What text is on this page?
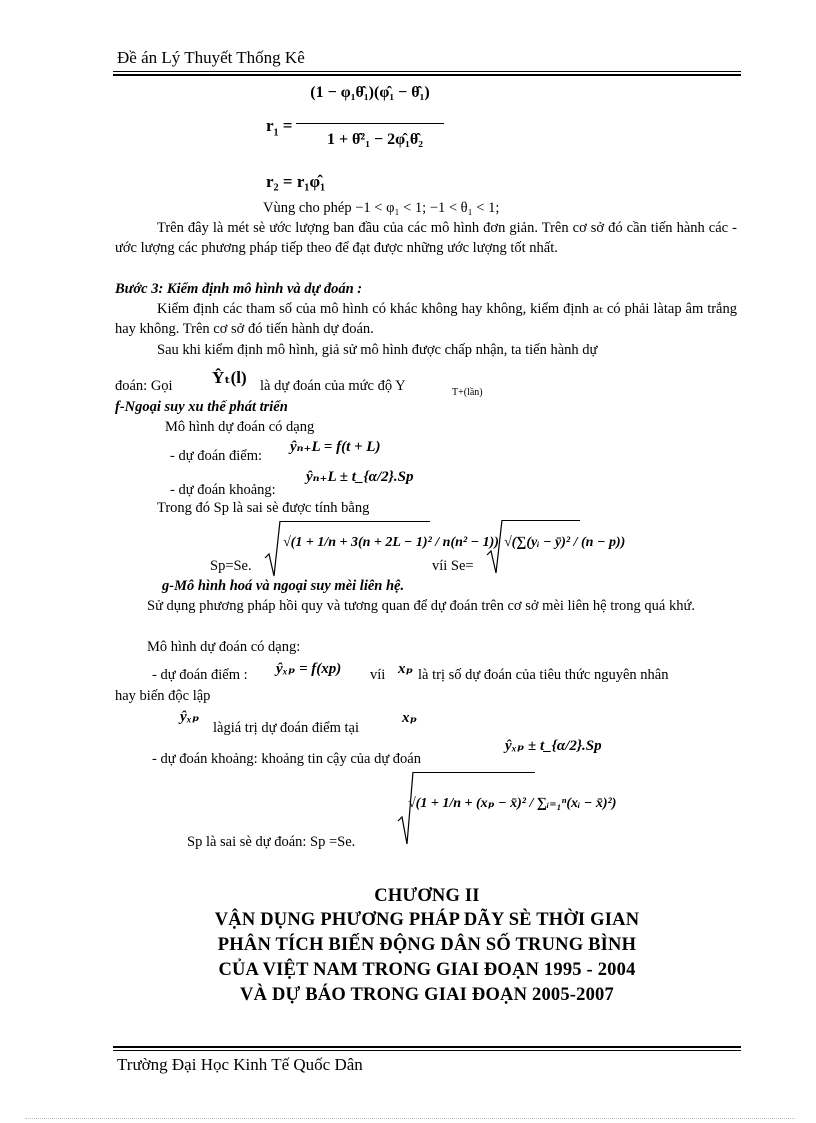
Đề án Lý Thuyết Thống Kê
$r_1$ =
(1 − φ₁θ̂₁)(φ̂₁ − θ̂₁)
1 + θ̂²₁ − 2φ̂₁θ̂₂
r₂ = r₁φ̂₁
Vùng cho phép −1 < φ₁ < 1; −1 < θ₁ < 1;
Trên đây là mét sè ước lượng ban đầu của các mô hình đơn giản. Trên cơ sở đó cần tiến hành các ước lượng các phương pháp tiếp theo để đạt được những ước lượng tốt nhất.
Bước 3: Kiểm định mô hình và dự đoán :
Kiểm định các tham số của mô hình có khác không hay không, kiểm định aₜ có phải làtap âm trắng hay không. Trên cơ sở đó tiến hành dự đoán.
Sau khi kiểm định mô hình, giả sử mô hình được chấp nhận, ta tiến hành dự
đoán: Gọi Ŷₜ(l) là dự đoán của mức độ Y	T+(lần)
f-Ngoại suy xu thế phát triển
Mô hình dự đoán có dạng
- dự đoán điểm:
ŷₙ₊L = f(t + L)
- dự đoán khoảng:
ŷₙ₊L ± t_{α/2}.Sp
Trong đó Sp là sai sè được tính bằng
Sp=Se.
√(1 + 1/n + 3(n + 2L − 1)² / n(n² − 1))
víi Se=
√(∑(yᵢ − ȳ)² / (n − p))
g-Mô hình hoá và ngoại suy mèi liên hệ.
Sử dụng phương pháp hồi quy và tương quan để dự đoán trên cơ sở mèi liên hệ trong quá khứ.
Mô hình dự đoán có dạng:
- dự đoán điểm : ŷₓₚ = f(xp) víi xₚ là trị số dự đoán của tiêu thức nguyên nhân
hay biến độc lập
ŷₓₚ
làgiá trị dự đoán điểm tại
xₚ
- dự đoán khoảng: khoảng tin cậy của dự đoán
ŷₓₚ ± t_{α/2}.Sp
Sp là sai sè dự đoán: Sp =Se.
√(1 + 1/n + (xₚ − x̄)² / ∑ᵢ₌₁ⁿ(xᵢ − x̄)²)
CHƯƠNG II
VẬN DỤNG PHƯƠNG PHÁP DÃY SÈ THỜI GIAN
PHÂN TÍCH BIẾN ĐỘNG DÂN SỐ TRUNG BÌNH
CỦA VIỆT NAM TRONG GIAI ĐOẠN 1995 - 2004
VÀ DỰ BÁO TRONG GIAI ĐOẠN 2005-2007
Trường Đại Học Kinh Tế Quốc Dân
